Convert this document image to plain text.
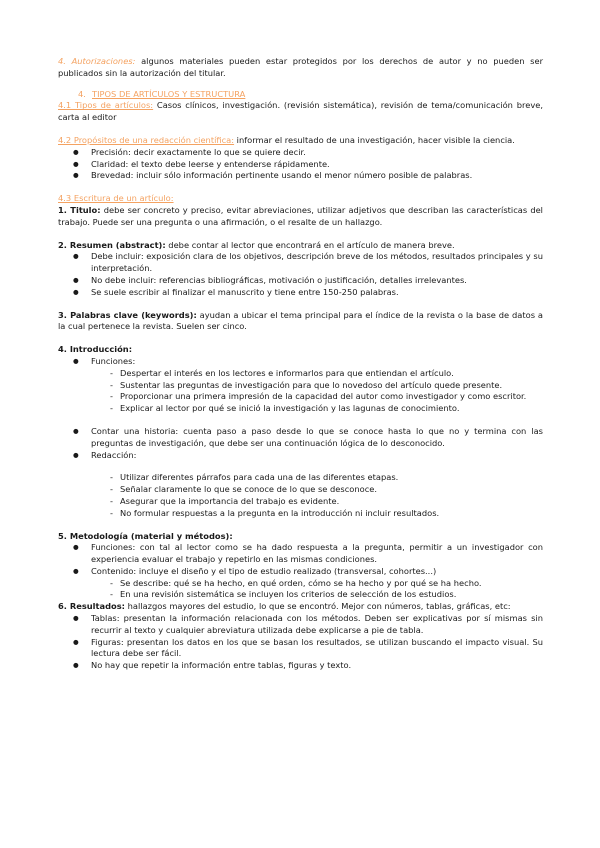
4. Autorizaciones: algunos materiales pueden estar protegidos por los derechos de autor y no pueden ser publicados sin la autorización del titular.

4. TIPOS DE ARTÍCULOS Y ESTRUCTURA

4.1 Tipos de artículos: Casos clínicos, investigación. (revisión sistemática), revisión de tema/comunicación breve, carta al editor

4.2 Propósitos de una redacción científica: informar el resultado de una investigación, hacer visible la ciencia.

● Precisión: decir exactamente lo que se quiere decir.
● Claridad: el texto debe leerse y entenderse rápidamente.
● Brevedad: incluir sólo información pertinente usando el menor número posible de palabras.

4.3 Escritura de un artículo:

1. Titulo: debe ser concreto y preciso, evitar abreviaciones, utilizar adjetivos que describan las características del trabajo. Puede ser una pregunta o una afirmación, o el resalte de un hallazgo.

2. Resumen (abstract): debe contar al lector que encontrará en el artículo de manera breve.

● Debe incluir: exposición clara de los objetivos, descripción breve de los métodos, resultados principales y su interpretación.
● No debe incluir: referencias bibliográficas, motivación o justificación, detalles irrelevantes.
● Se suele escribir al finalizar el manuscrito y tiene entre 150-250 palabras.

3. Palabras clave (keywords): ayudan a ubicar el tema principal para el índice de la revista o la base de datos a la cual pertenece la revista. Suelen ser cinco.

4. Introducción:

● Funciones:
- Despertar el interés en los lectores e informarlos para que entiendan el artículo.
- Sustentar las preguntas de investigación para que lo novedoso del artículo quede presente.
- Proporcionar una primera impresión de la capacidad del autor como investigador y como escritor.
- Explicar al lector por qué se inició la investigación y las lagunas de conocimiento.
● Contar una historia: cuenta paso a paso desde lo que se conoce hasta lo que no y termina con las preguntas de investigación, que debe ser una continuación lógica de lo desconocido.
● Redacción:
- Utilizar diferentes párrafos para cada una de las diferentes etapas.
- Señalar claramente lo que se conoce de lo que se desconoce.
- Asegurar que la importancia del trabajo es evidente.
- No formular respuestas a la pregunta en la introducción ni incluir resultados.

5. Metodología (material y métodos):

● Funciones: con tal al lector como se ha dado respuesta a la pregunta, permitir a un investigador con experiencia evaluar el trabajo y repetirlo en las mismas condiciones.
● Contenido: incluye el diseño y el tipo de estudio realizado (transversal, cohortes...)
- Se describe: qué se ha hecho, en qué orden, cómo se ha hecho y por qué se ha hecho.
- En una revisión sistemática se incluyen los criterios de selección de los estudios.

6. Resultados: hallazgos mayores del estudio, lo que se encontró. Mejor con números, tablas, gráficas, etc:

● Tablas: presentan la información relacionada con los métodos. Deben ser explicativas por sí mismas sin recurrir al texto y cualquier abreviatura utilizada debe explicarse a pie de tabla.
● Figuras: presentan los datos en los que se basan los resultados, se utilizan buscando el impacto visual. Su lectura debe ser fácil.
● No hay que repetir la información entre tablas, figuras y texto.
